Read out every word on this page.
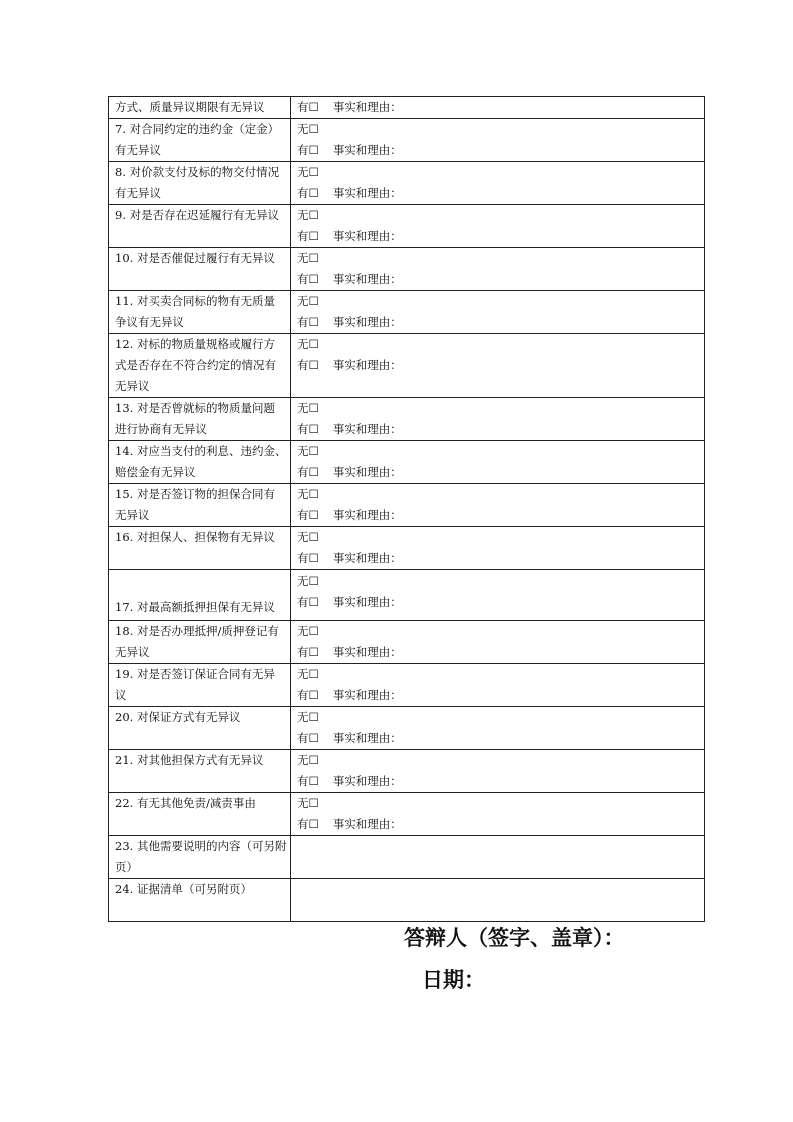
方式、质量异议期限有无异议	有☐ 事实和理由：

7. 对合同约定的违约金（定金）
有无异议	无☐
有☐ 事实和理由：

8. 对价款支付及标的物交付情况
有无异议	无☐
有☐ 事实和理由：

9. 对是否存在迟延履行有无异议	无☐
有☐ 事实和理由：

10. 对是否催促过履行有无异议	无☐
有☐ 事实和理由：

11. 对买卖合同标的物有无质量
争议有无异议	无☐
有☐ 事实和理由：

12. 对标的物质量规格或履行方
式是否存在不符合约定的情况有
无异议	无☐
有☐ 事实和理由：

13. 对是否曾就标的物质量问题
进行协商有无异议	无☐
有☐ 事实和理由：

14. 对应当支付的利息、违约金、
赔偿金有无异议	无☐
有☐ 事实和理由：

15. 对是否签订物的担保合同有
无异议	无☐
有☐ 事实和理由：

16. 对担保人、担保物有无异议	无☐
有☐ 事实和理由：

17. 对最高额抵押担保有无异议	无☐
有☐ 事实和理由：

18. 对是否办理抵押/质押登记有
无异议	无☐
有☐ 事实和理由：

19. 对是否签订保证合同有无异
议	无☐
有☐ 事实和理由：

20. 对保证方式有无异议	无☐
有☐ 事实和理由：

21. 对其他担保方式有无异议	无☐
有☐ 事实和理由：

22. 有无其他免责/减责事由	无☐
有☐ 事实和理由：

23. 其他需要说明的内容（可另附
页）	

24. 证据清单（可另附页）	

答辩人（签字、盖章）：
日期：
